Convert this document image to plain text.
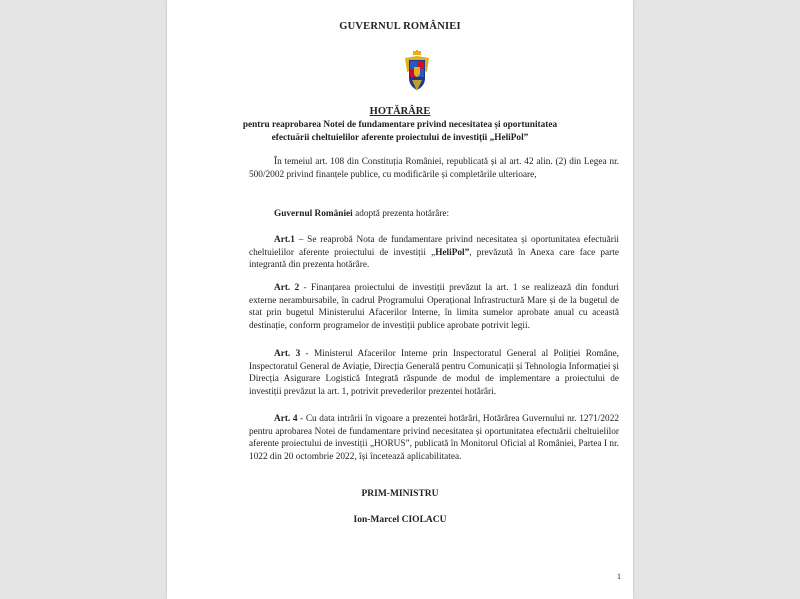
GUVERNUL ROMÂNIEI
HOTĂRÂRE
pentru reaprobarea Notei de fundamentare privind necesitatea și oportunitatea efectuării cheltuielilor aferente proiectului de investiții „HeliPol”
În temeiul art. 108 din Constituția României, republicată și al art. 42 alin. (2) din Legea nr. 500/2002 privind finanțele publice, cu modificările și completările ulterioare,
Guvernul României adoptă prezenta hotărâre:
Art.1 – Se reaprobă Nota de fundamentare privind necesitatea și oportunitatea efectuării cheltuielilor aferente proiectului de investiții „HeliPol”, prevăzută în Anexa care face parte integrantă din prezenta hotărâre.
Art. 2 - Finanțarea proiectului de investiții prevăzut la art. 1 se realizează din fonduri externe nerambursabile, în cadrul Programului Operațional Infrastructură Mare și de la bugetul de stat prin bugetul Ministerului Afacerilor Interne, în limita sumelor aprobate anual cu această destinație, conform programelor de investiții publice aprobate potrivit legii.
Art. 3 - Ministerul Afacerilor Interne prin Inspectoratul General al Poliției Române, Inspectoratul General de Aviație, Direcția Generală pentru Comunicații și Tehnologia Informației și Direcția Asigurare Logistică Integrată răspunde de modul de implementare a proiectului de investiții prevăzut la art. 1, potrivit prevederilor prezentei hotărâri.
Art. 4 - Cu data intrării în vigoare a prezentei hotărâri, Hotărârea Guvernului nr. 1271/2022 pentru aprobarea Notei de fundamentare privind necesitatea și oportunitatea efectuării cheltuielilor aferente proiectului de investiții „HORUS”, publicată în Monitorul Oficial al României, Partea I nr. 1022 din 20 octombrie 2022, își încetează aplicabilitatea.
PRIM-MINISTRU
Ion-Marcel CIOLACU
1
